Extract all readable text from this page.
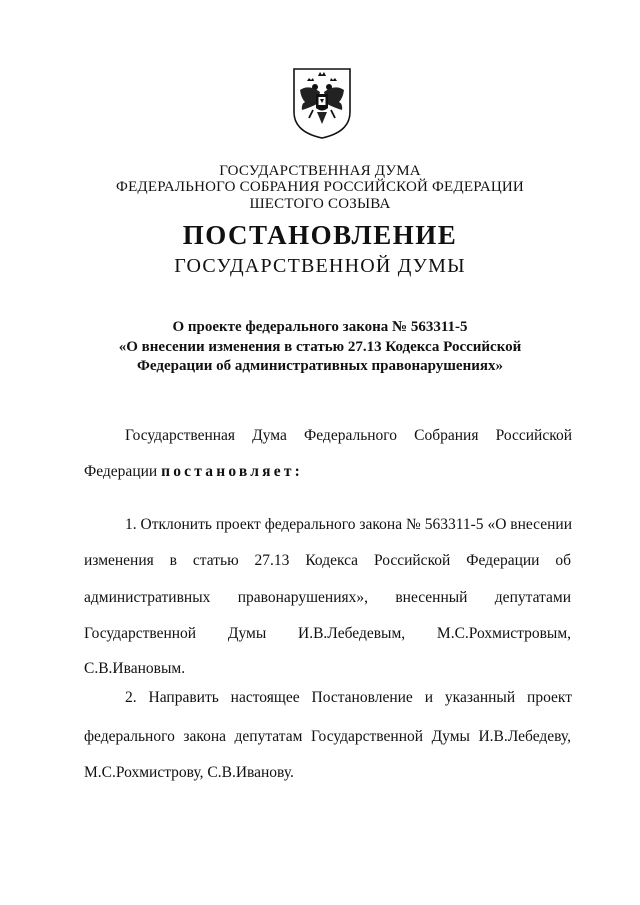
ГОСУДАРСТВЕННАЯ ДУМА
ФЕДЕРАЛЬНОГО СОБРАНИЯ РОССИЙСКОЙ ФЕДЕРАЦИИ
ШЕСТОГО СОЗЫВА
ПОСТАНОВЛЕНИЕ
ГОСУДАРСТВЕННОЙ ДУМЫ
О проекте федерального закона № 563311-5
«О внесении изменения в статью 27.13 Кодекса Российской
Федерации об административных правонарушениях»
Государственная Дума Федерального Собрания Российской
Федерации постановляет:
1. Отклонить проект федерального закона № 563311-5 «О внесении
изменения в статью 27.13 Кодекса Российской Федерации об
административных правонарушениях», внесенный депутатами
Государственной Думы И.В.Лебедевым, М.С.Рохмистровым,
С.В.Ивановым.
2. Направить настоящее Постановление и указанный проект
федерального закона депутатам Государственной Думы И.В.Лебедеву,
М.С.Рохмистрову, С.В.Иванову.
